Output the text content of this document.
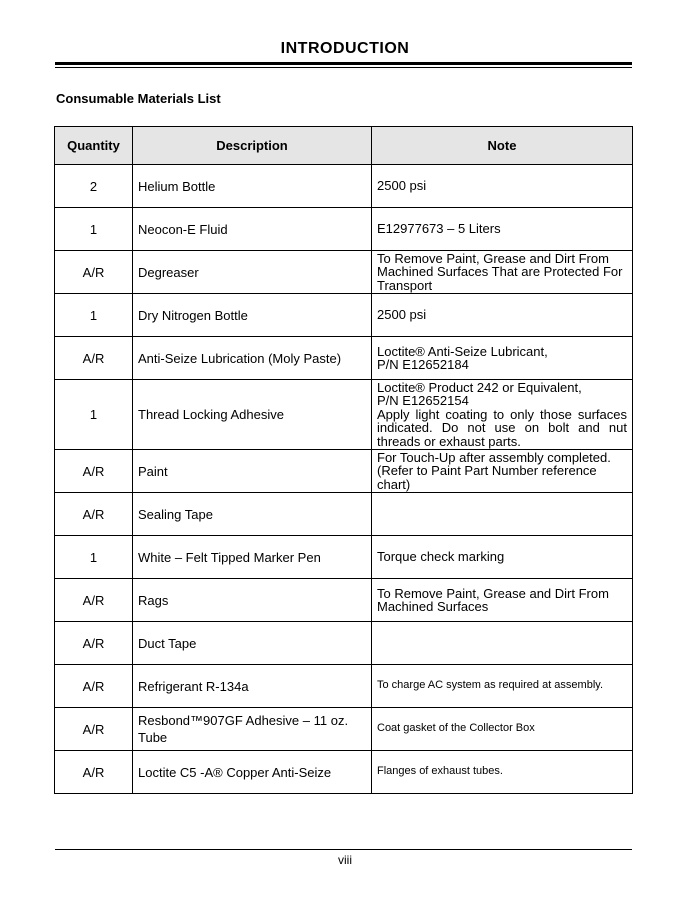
INTRODUCTION
Consumable Materials List
Quantity	Description	Note
2	Helium Bottle	2500 psi

1	Neocon-E Fluid	E12977673 – 5 Liters

A/R	Degreaser	To Remove Paint, Grease and Dirt From Machined Surfaces That are Protected For Transport

1	Dry Nitrogen Bottle	2500 psi

A/R	Anti-Seize Lubrication (Moly Paste)	Loctite® Anti-Seize Lubricant,
P/N E12652184

1	Thread Locking Adhesive	Loctite® Product 242 or Equivalent,
P/N E12652154
Apply light coating to only those surfaces indicated. Do not use on bolt and nut threads or exhaust parts.

A/R	Paint	For Touch-Up after assembly completed. (Refer to Paint Part Number reference chart)

A/R	Sealing Tape	
1	White – Felt Tipped Marker Pen	Torque check marking

A/R	Rags	To Remove Paint, Grease and Dirt From Machined Surfaces

A/R	Duct Tape	
A/R	Refrigerant R-134a	To charge AC system as required at assembly.

A/R	Resbond™907GF Adhesive – 11 oz. Tube	Coat gasket of the Collector Box

A/R	Loctite C5 -A® Copper Anti-Seize	Flanges of exhaust tubes.
viii
